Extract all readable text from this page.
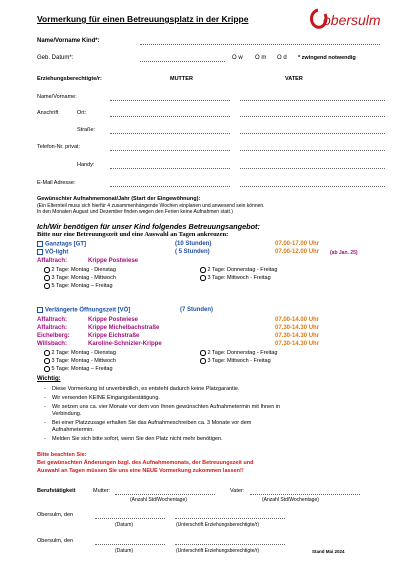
Vormerkung für einen Betreuungsplatz in der Krippe	obersulm
Name/Vorname Kind*:
Geb. Datum*:	O w O m O d * zwingend notwendig
Erziehungsberechtigte/r:	MUTTER	VATER
Name/Vorname:
Anschrift	Ort:
Straße:
Telefon-Nr. privat:
Handy:
E-Mail Adresse:
Gewünschter Aufnahmemonat/Jahr (Start der Eingewöhnung):
(Ein Elternteil muss sich hierfür 4 zusammenhängende Wochen einplanen und anwesend sein können.
In den Monaten August und Dezember finden wegen den Ferien keine Aufnahmen statt.)
Ich/Wir benötigen für unser Kind folgendes Betreuungsangebot:
Bitte nur eine Betreuungszeit und eine Auswahl an Tagen ankreuzen:
Ganztags [GT]	(10 Stunden)	07.00-17.00 Uhr
VÖ-light	( 5 Stunden)	07.00-12.00 Uhr (ab Jan. 25)
Affaltrach:	Krippe Postwiese
2 Tage: Montag - Dienstag	2 Tage: Donnerstag - Freitag
3 Tage: Montag - Mittwoch	3 Tage: Mittwoch - Freitag
5 Tage: Montag – Freitag
Verlängerte Öffnungszeit [VÖ]	(7 Stunden)
Affaltrach:	Krippe Postwiese	07.00-14.00 Uhr
Affaltrach:	Krippe Michelbachstraße	07.30-14.30 Uhr
Eichelberg:	Krippe Eichstraße	07.30-14.30 Uhr
Willsbach:	Karoline-Schnizler-Krippe	07.30-14.30 Uhr
2 Tage: Montag - Dienstag	2 Tage: Donnerstag - Freitag
3 Tage: Montag - Mittwoch	3 Tage: Mittwoch - Freitag
5 Tage: Montag – Freitag
Wichtig:
- Diese Vormerkung ist unverbindlich, es entsteht dadurch keine Platzgarantie.
- Wir versenden KEINE Eingangsbestätigung.
- Wir setzen uns ca. vier Monate vor dem von Ihnen gewünschten Aufnahmetermin mit Ihnen in
Verbindung.
- Bei einer Platzzusage erhalten Sie das Aufnahmeschreiben ca. 3 Monate vor dem
Aufnahmetermin.
- Melden Sie sich bitte sofort, wenn Sie den Platz nicht mehr benötigen.
Bitte beachten Sie:
Bei gewünschten Änderungen bzgl. des Aufnahmemonats, der Betreuungszeit und
Auswahl an Tagen müssen Sie uns eine NEUE Vormerkung zukommen lassen!!
Berufstätigkeit	Mutter:
(Anzahl Std/Wochentage)
Vater:
(Anzahl Std/Wochentage)
Obersulm, den
(Datum)	(Unterschrift Erziehungsberechtigte/r)
Obersulm, den
(Datum)	(Unterschrift Erziehungsberechtigte/r)	Stand Mai 2024
